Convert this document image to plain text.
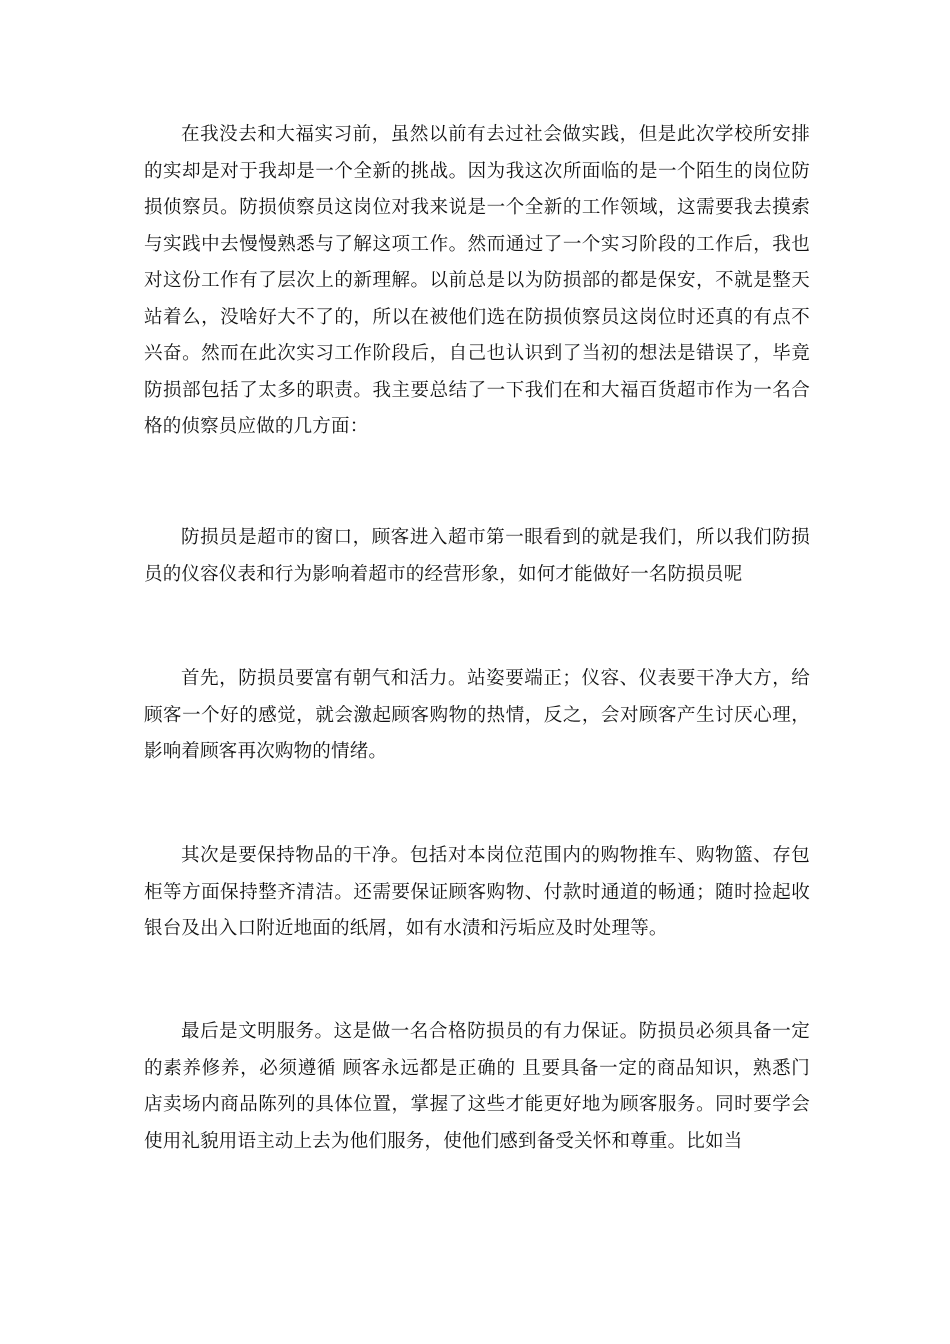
在我没去和大福实习前，虽然以前有去过社会做实践，但是此次学校所安排的实却是对于我却是一个全新的挑战。因为我这次所面临的是一个陌生的岗位防损侦察员。防损侦察员这岗位对我来说是一个全新的工作领域，这需要我去摸索与实践中去慢慢熟悉与了解这项工作。然而通过了一个实习阶段的工作后，我也对这份工作有了层次上的新理解。以前总是以为防损部的都是保安，不就是整天站着么，没啥好大不了的，所以在被他们选在防损侦察员这岗位时还真的有点不兴奋。然而在此次实习工作阶段后，自己也认识到了当初的想法是错误了，毕竟防损部包括了太多的职责。我主要总结了一下我们在和大福百货超市作为一名合格的侦察员应做的几方面：

防损员是超市的窗口，顾客进入超市第一眼看到的就是我们，所以我们防损员的仪容仪表和行为影响着超市的经营形象，如何才能做好一名防损员呢

首先，防损员要富有朝气和活力。站姿要端正；仪容、仪表要干净大方，给顾客一个好的感觉，就会激起顾客购物的热情，反之，会对顾客产生讨厌心理，影响着顾客再次购物的情绪。

其次是要保持物品的干净。包括对本岗位范围内的购物推车、购物篮、存包柜等方面保持整齐清洁。还需要保证顾客购物、付款时通道的畅通；随时捡起收银台及出入口附近地面的纸屑，如有水渍和污垢应及时处理等。

最后是文明服务。这是做一名合格防损员的有力保证。防损员必须具备一定的素养修养，必须遵循 顾客永远都是正确的 且要具备一定的商品知识，熟悉门店卖场内商品陈列的具体位置，掌握了这些才能更好地为顾客服务。同时要学会使用礼貌用语主动上去为他们服务，使他们感到备受关怀和尊重。比如当
